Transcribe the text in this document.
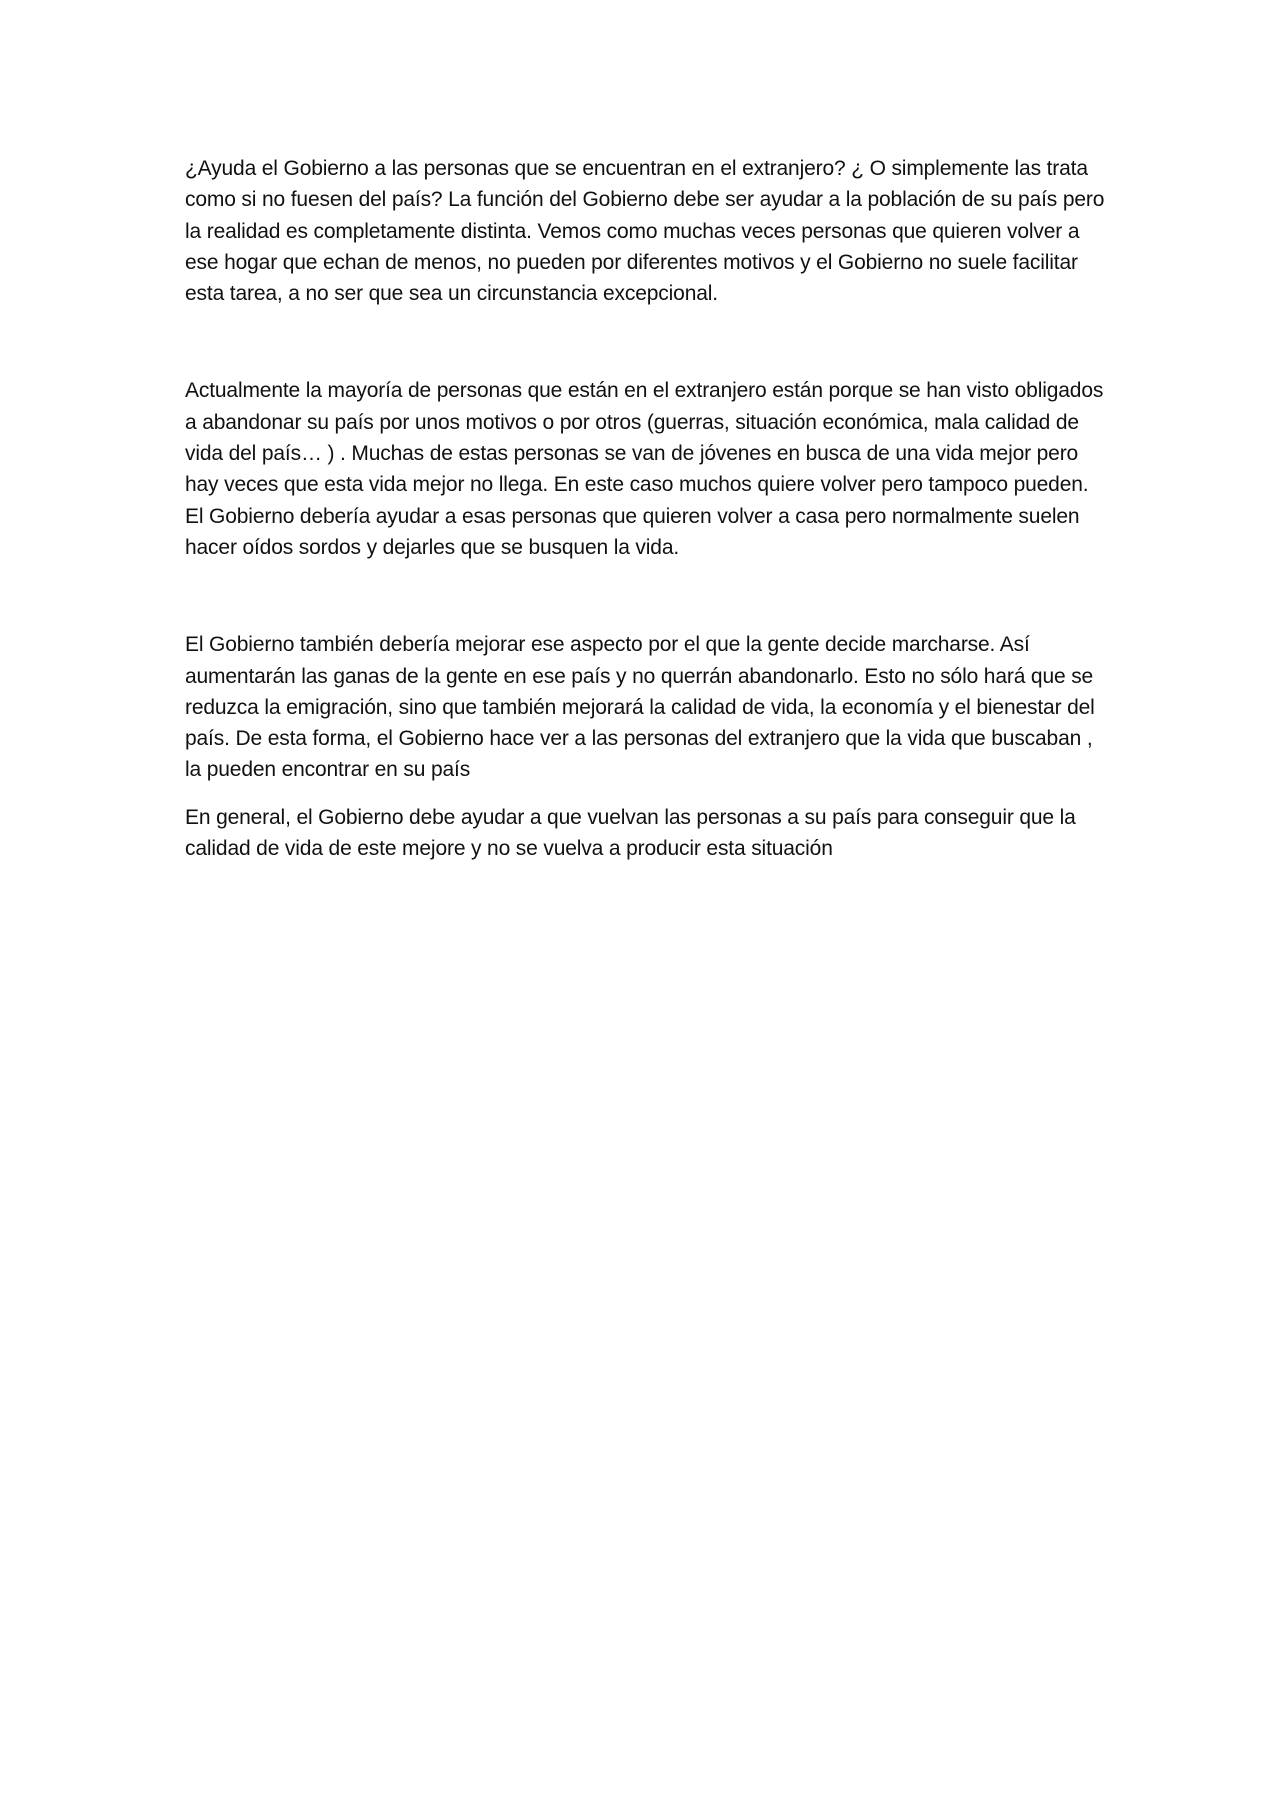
¿Ayuda el Gobierno a las personas que se encuentran en el extranjero? ¿ O simplemente las trata como si no fuesen del país? La función del Gobierno debe ser ayudar a la población de su país pero la realidad es completamente distinta. Vemos como muchas veces personas que quieren volver a ese hogar que echan de menos, no pueden por diferentes motivos y el Gobierno no suele facilitar esta tarea, a no ser que sea un circunstancia excepcional.

Actualmente la mayoría de personas que están en el extranjero están porque se han visto obligados a abandonar su país por unos motivos o por otros (guerras, situación económica, mala calidad de vida del país… ) . Muchas de estas personas se van de jóvenes en busca de una vida mejor pero hay veces que esta vida mejor no llega. En este caso muchos quiere volver pero tampoco pueden. El Gobierno debería ayudar a esas personas que quieren volver a casa pero normalmente suelen hacer oídos sordos y dejarles que se busquen la vida.

El Gobierno también debería mejorar ese aspecto por el que la gente decide marcharse. Así aumentarán las ganas de la gente en ese país y no querrán abandonarlo. Esto no sólo hará que se reduzca la emigración, sino que también mejorará la calidad de vida, la economía y el bienestar del país. De esta forma, el Gobierno hace ver a las personas del extranjero que la vida que buscaban , la pueden encontrar en su país

En general, el Gobierno debe ayudar a que vuelvan las personas a su país para conseguir que la calidad de vida de este mejore y no se vuelva a producir esta situación
